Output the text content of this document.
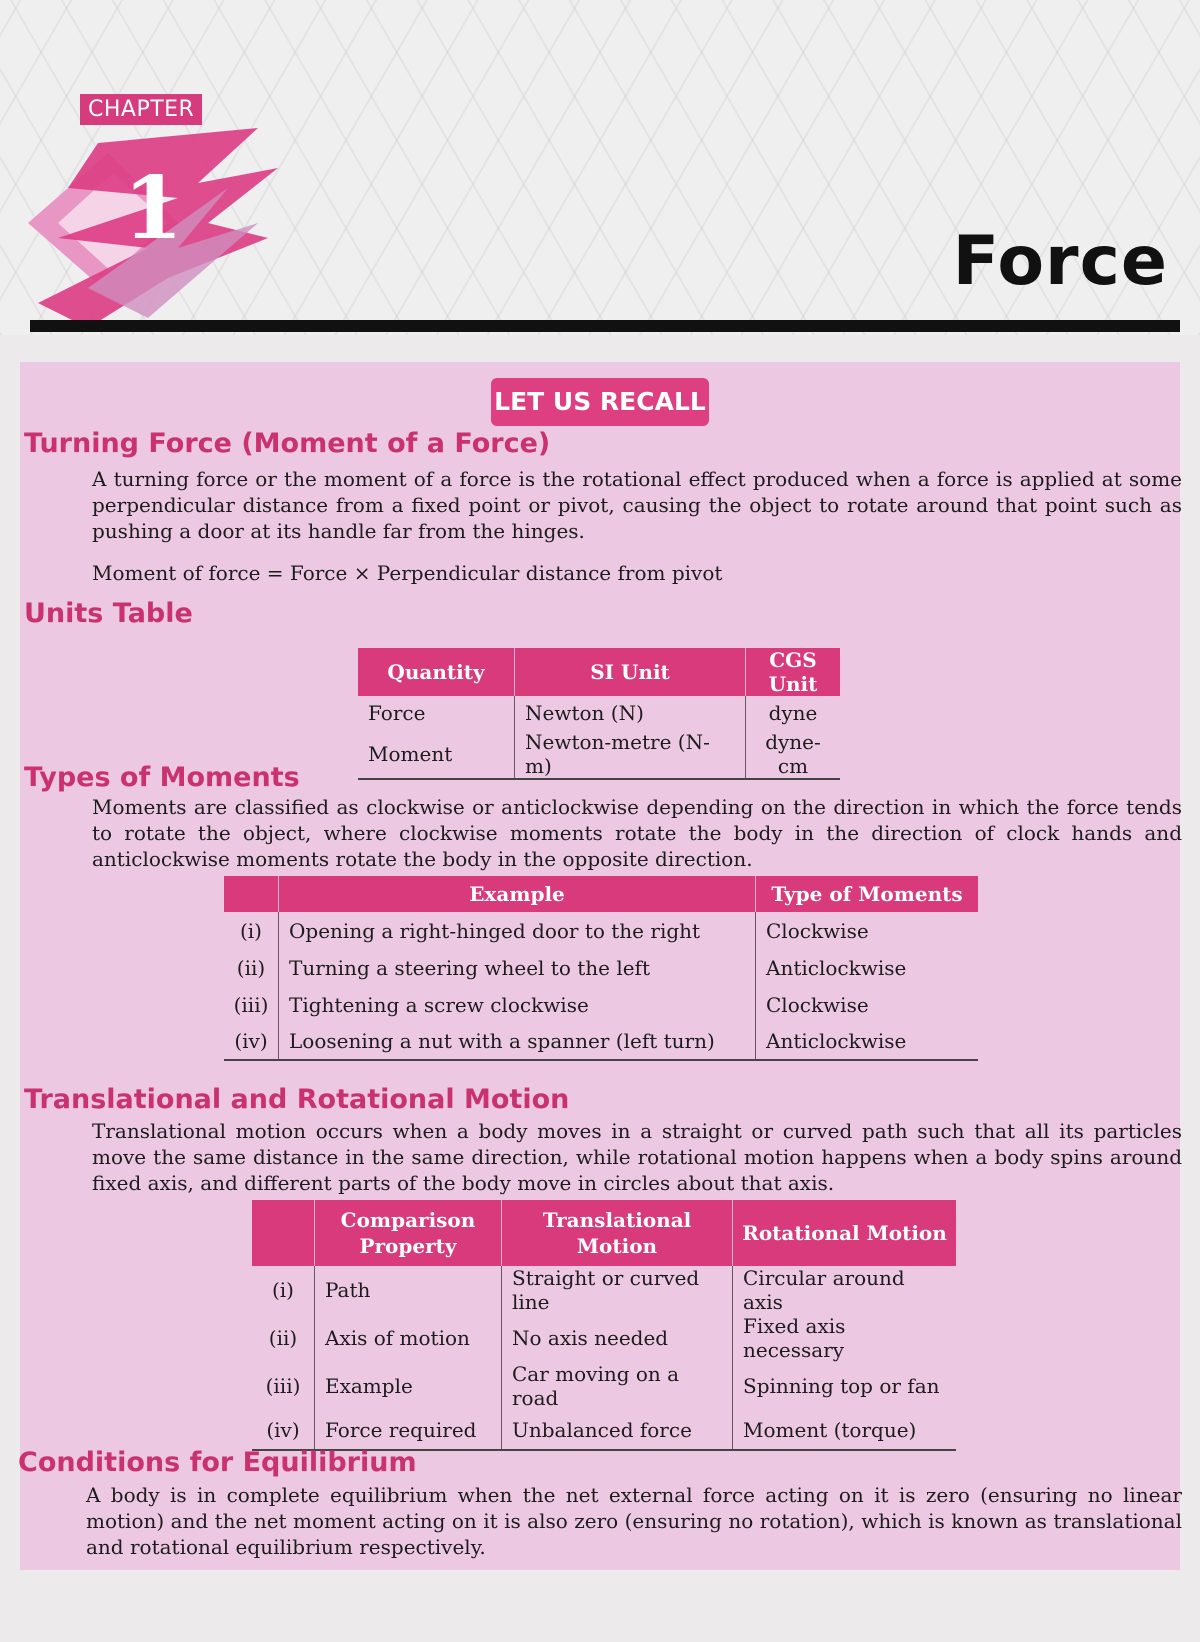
CHAPTER
1
Force
LET US RECALL
Turning Force (Moment of a Force)

A turning force or the moment of a force is the rotational effect produced when a force is applied at some perpendicular distance from a fixed point or pivot, causing the object to rotate around that point such as pushing a door at its handle far from the hinges.

Moment of force = Force × Perpendicular distance from pivot

Units Table
Quantity	SI Unit	CGS Unit
Force	Newton (N)	dyne
Moment	Newton-metre (N-m)	dyne-cm
Types of Moments

Moments are classified as clockwise or anticlockwise depending on the direction in which the force tends to rotate the object, where clockwise moments rotate the body in the direction of clock hands and anticlockwise moments rotate the body in the opposite direction.

	Example	Type of Moments
(i)	Opening a right-hinged door to the right	Clockwise
(ii)	Turning a steering wheel to the left	Anticlockwise
(iii)	Tightening a screw clockwise	Clockwise
(iv)	Loosening a nut with a spanner (left turn)	Anticlockwise
Translational and Rotational Motion

Translational motion occurs when a body moves in a straight or curved path such that all its particles move the same distance in the same direction, while rotational motion happens when a body spins around fixed axis, and different parts of the body move in circles about that axis.

	Comparison Property	Translational Motion	Rotational Motion
(i)	Path	Straight or curved line	Circular around axis
(ii)	Axis of motion	No axis needed	Fixed axis necessary
(iii)	Example	Car moving on a road	Spinning top or fan
(iv)	Force required	Unbalanced force	Moment (torque)
Conditions for Equilibrium

A body is in complete equilibrium when the net external force acting on it is zero (ensuring no linear motion) and the net moment acting on it is also zero (ensuring no rotation), which is known as translational and rotational equilibrium respectively.
